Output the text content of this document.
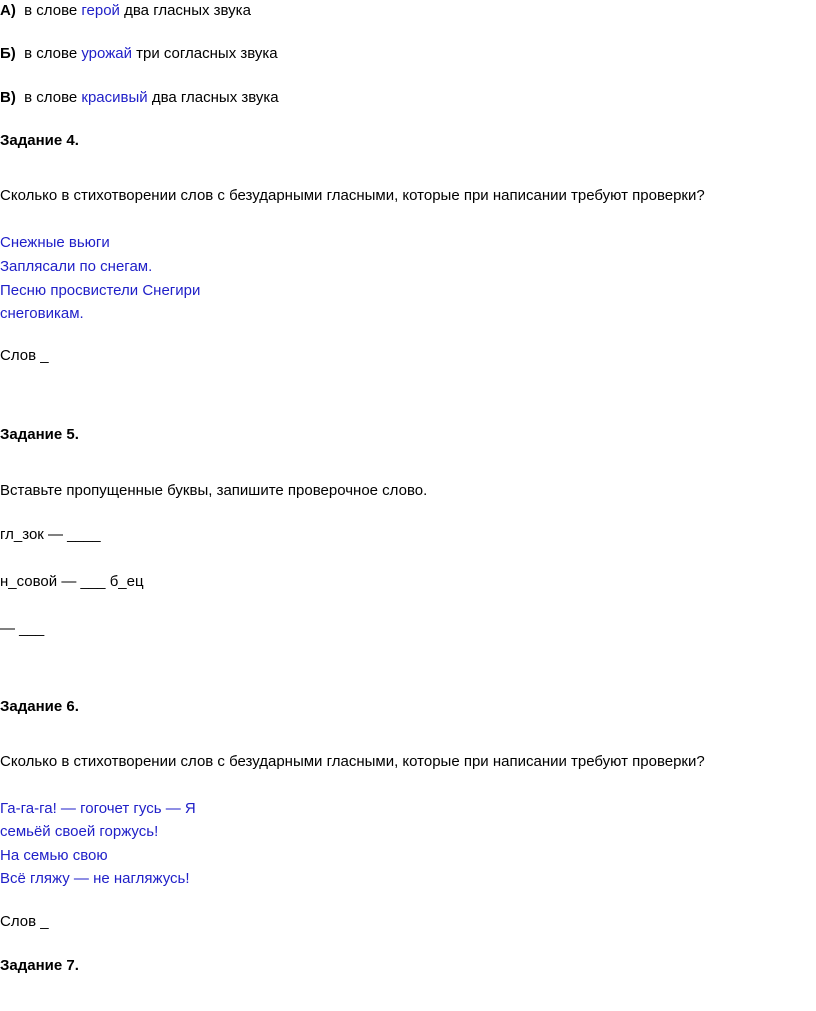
А) в слове герой два гласных звука
Б) в слове урожай три согласных звука
В) в слове красивый два гласных звука
Задание 4.
Сколько в стихотворении слов с безударными гласными, которые при написании требуют проверки?
Снежные вьюги
Заплясали по снегам.
Песню просвистели Снегири
снеговикам.
Слов _
Задание 5.
Вставьте пропущенные буквы, запишите проверочное слово.
гл_зок — ____
н_совой — ___ б_ец
— ___
Задание 6.
Сколько в стихотворении слов с безударными гласными, которые при написании требуют проверки?
Га-га-га! — гогочет гусь — Я
семьёй своей горжусь!
На семью свою
Всё гляжу — не нагляжусь!
Слов _
Задание 7.
